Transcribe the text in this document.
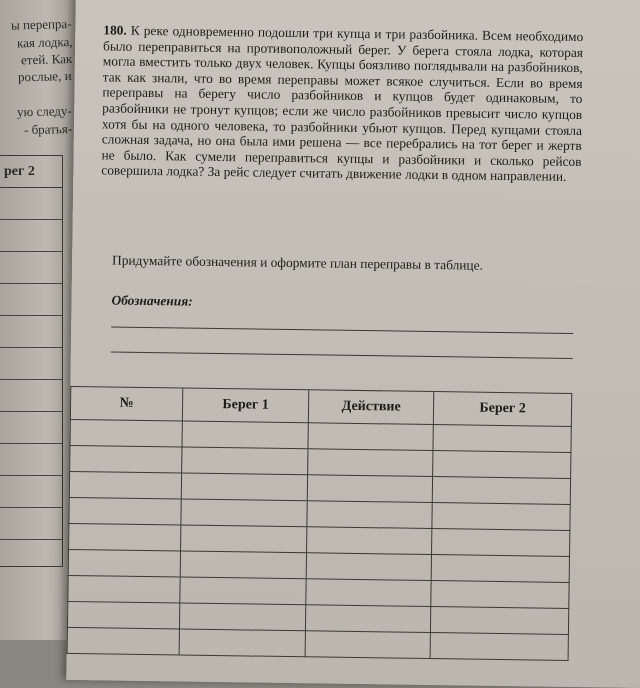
ы перепра-
кая лодка,
етей. Как
рослые, и
ую следу-
- братья-
рег 2
180. К реке одновременно подошли три купца и три разбойника. Всем необходимо было переправиться на противоположный берег. У берега стояла лодка, которая могла вместить только двух человек. Купцы боязливо поглядывали на разбойников, так как знали, что во время переправы может всякое случиться. Если во время переправы на берегу число разбойников и купцов будет одинаковым, то разбойники не тронут купцов; если же число разбойников превысит число купцов хотя бы на одного человека, то разбойники убьют купцов. Перед купцами стояла сложная задача, но она была ими решена — все перебрались на тот берег и жертв не было. Как сумели переправиться купцы и разбойники и сколько рейсов совершила лодка? За рейс следует считать движение лодки в одном направлении.
Придумайте обозначения и оформите план переправы в таблице.
Обозначения:
№	Берег 1	Действие	Берег 2
